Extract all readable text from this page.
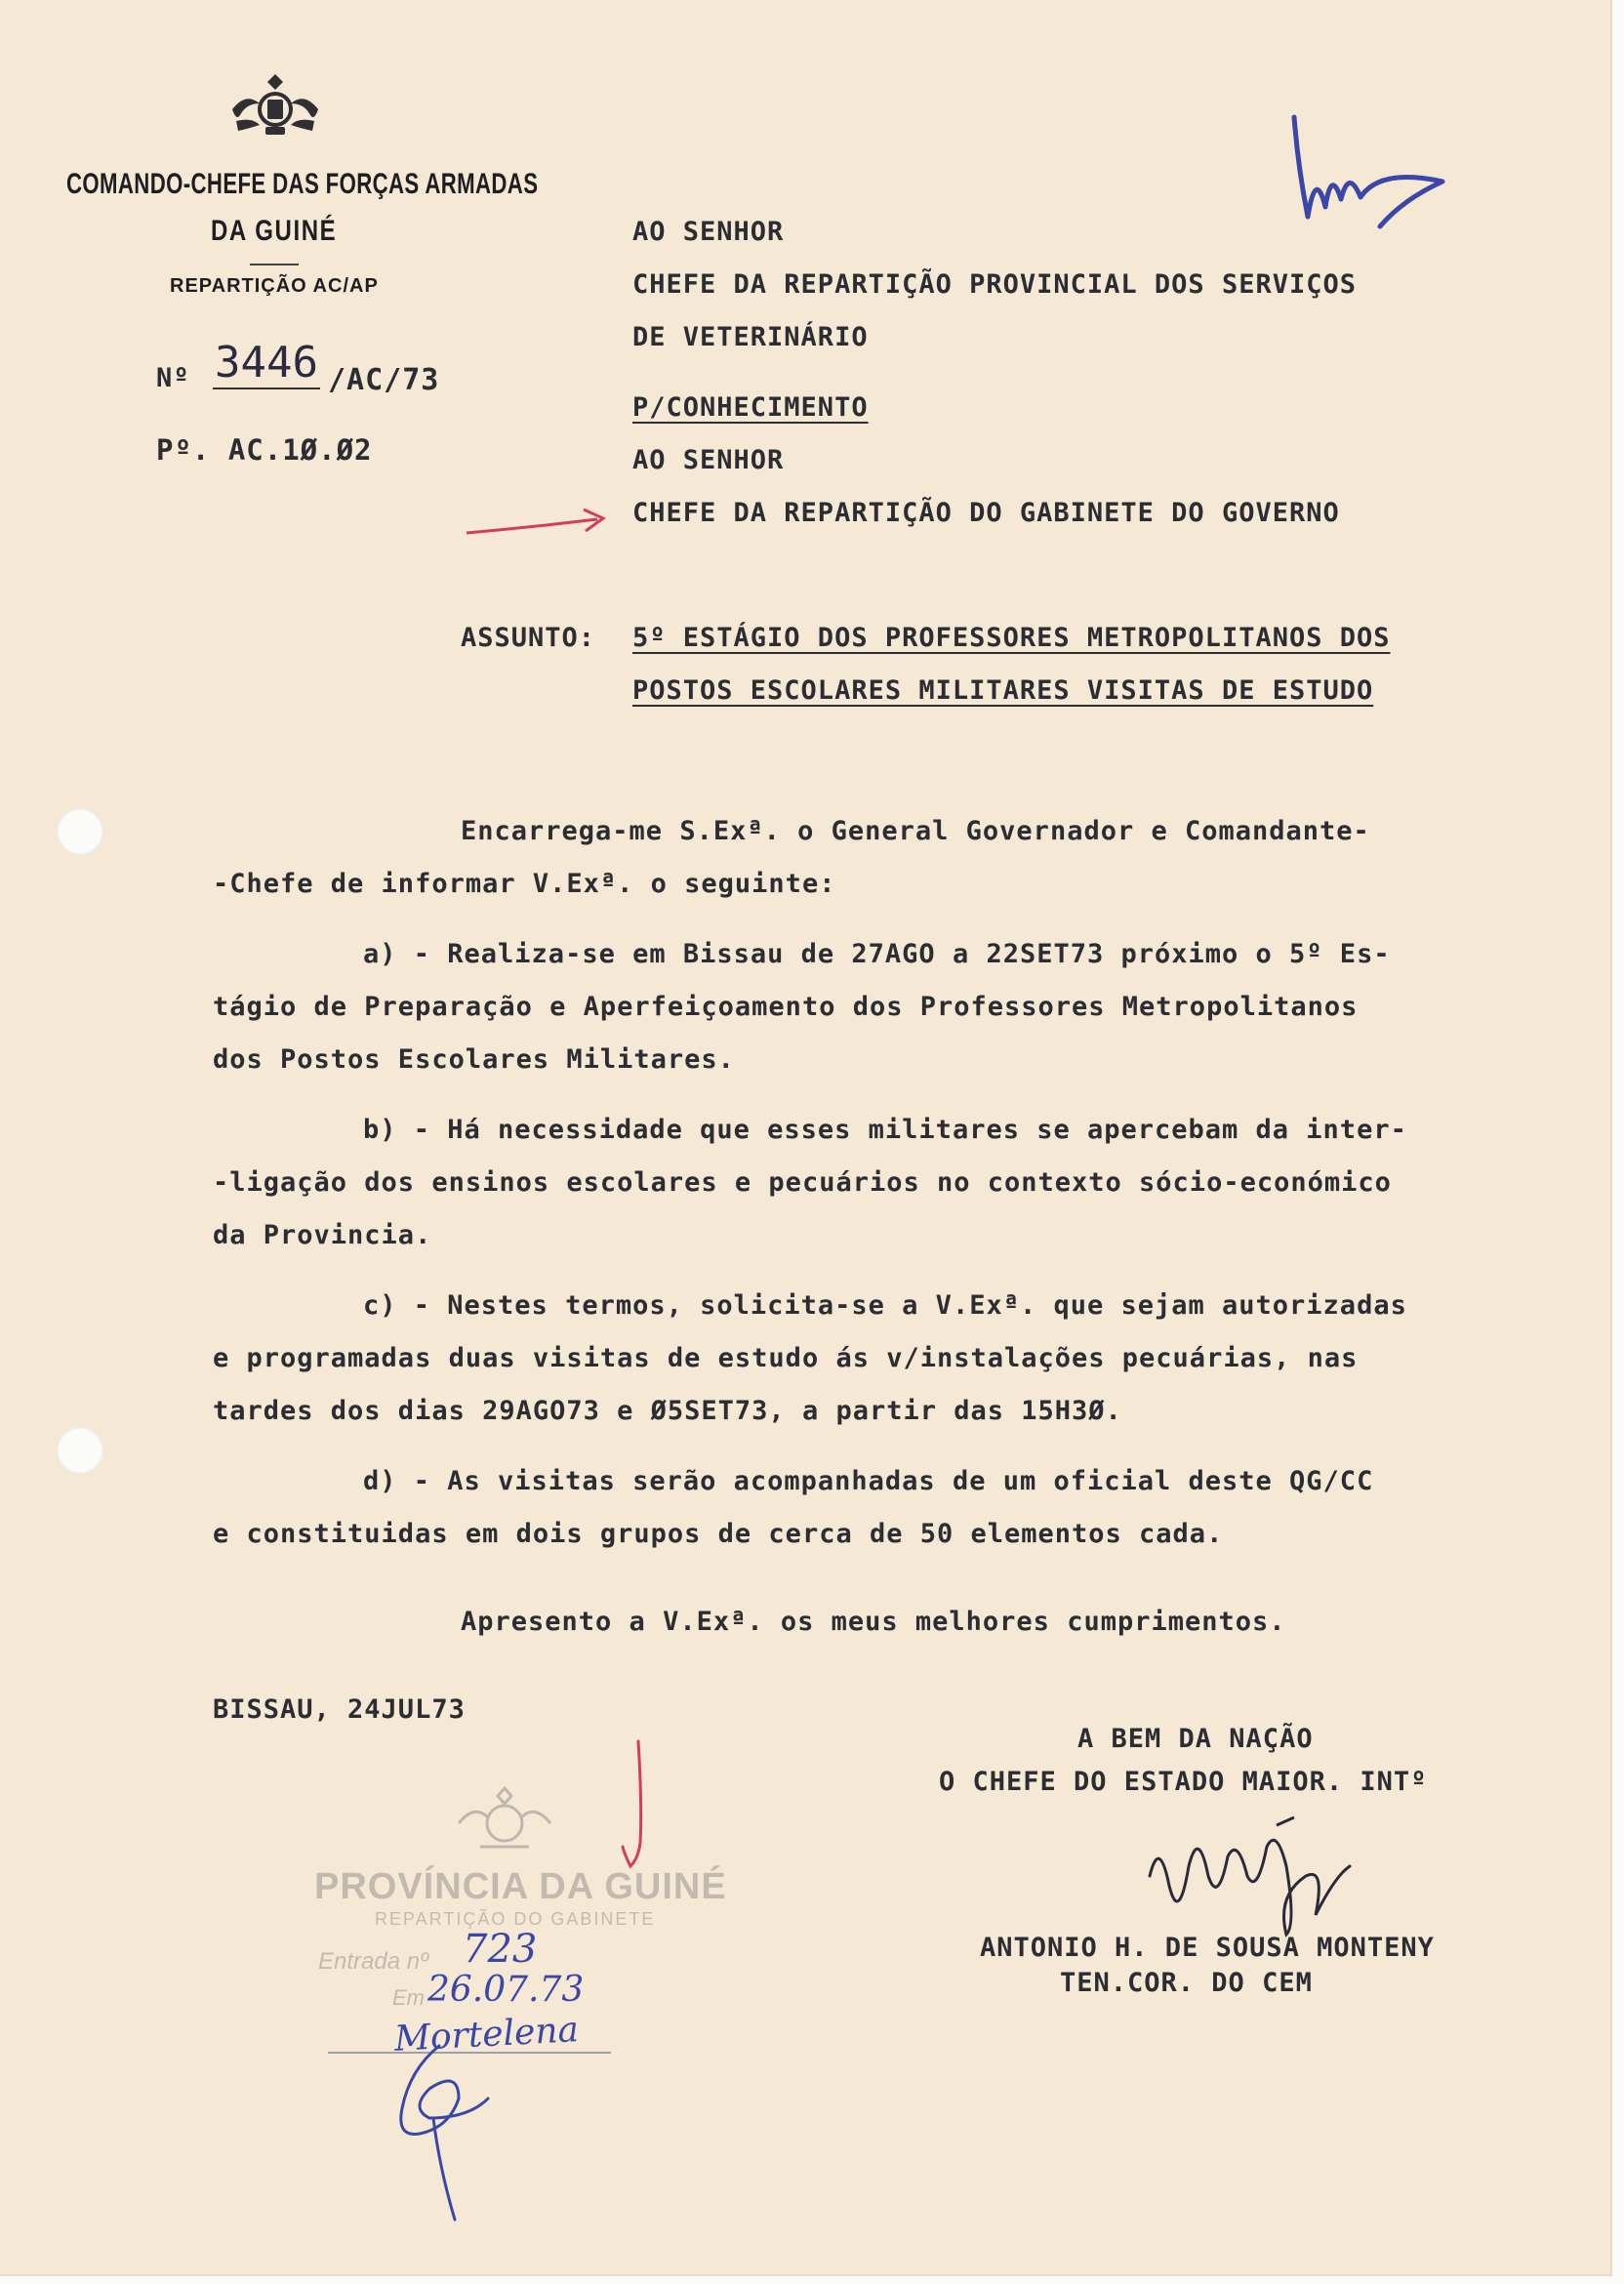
COMANDO-CHEFE DAS FORÇAS ARMADAS
DA GUINÉ
REPARTIÇÃO AC/AP
Nº 3446 /AC/73
Pº. AC.1Ø.Ø2
AO SENHOR
CHEFE DA REPARTIÇÃO PROVINCIAL DOS SERVIÇOS
DE VETERINÁRIO
P/CONHECIMENTO
AO SENHOR
CHEFE DA REPARTIÇÃO DO GABINETE DO GOVERNO
ASSUNTO: 5º ESTÁGIO DOS PROFESSORES METROPOLITANOS DOS
POSTOS ESCOLARES MILITARES VISITAS DE ESTUDO
Encarrega-me S.Exª. o General Governador e Comandante-
-Chefe de informar V.Exª. o seguinte:
a) - Realiza-se em Bissau de 27AGO a 22SET73 próximo o 5º Es-
tágio de Preparação e Aperfeiçoamento dos Professores Metropolitanos
dos Postos Escolares Militares.
b) - Há necessidade que esses militares se apercebam da inter-
-ligação dos ensinos escolares e pecuários no contexto sócio-económico
da Provincia.
c) - Nestes termos, solicita-se a V.Exª. que sejam autorizadas
e programadas duas visitas de estudo ás v/instalações pecuárias, nas
tardes dos dias 29AGO73 e Ø5SET73, a partir das 15H3Ø.
d) - As visitas serão acompanhadas de um oficial deste QG/CC
e constituidas em dois grupos de cerca de 50 elementos cada.
Apresento a V.Exª. os meus melhores cumprimentos.
BISSAU, 24JUL73
A BEM DA NAÇÃO
O CHEFE DO ESTADO MAIOR. INTº
ANTONIO H. DE SOUSA MONTENY
TEN.COR. DO CEM
PROVÍNCIA DA GUINÉ
REPARTIÇÃO DO GABINETE
Entrada nº 723
Em 26.07.73
Mortelena
